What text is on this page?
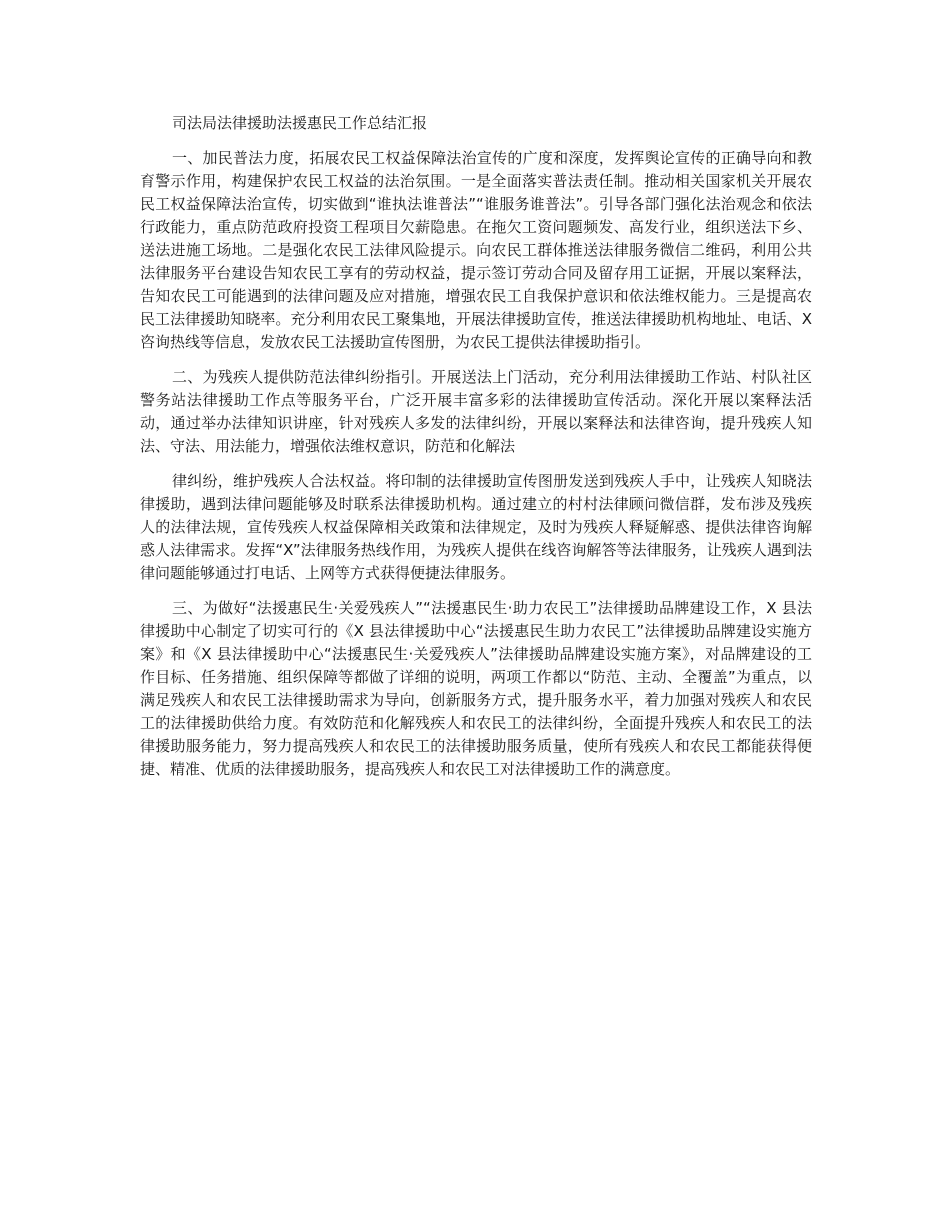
司法局法律援助法援惠民工作总结汇报

一、加民普法力度，拓展农民工权益保障法治宣传的广度和深度，发挥舆论宣传的正确导向和教育警示作用，构建保护农民工权益的法治氛围。一是全面落实普法责任制。推动相关国家机关开展农民工权益保障法治宣传，切实做到“谁执法谁普法”“谁服务谁普法”。引导各部门强化法治观念和依法行政能力，重点防范政府投资工程项目欠薪隐患。在拖欠工资问题频发、高发行业，组织送法下乡、送法进施工场地。二是强化农民工法律风险提示。向农民工群体推送法律服务微信二维码，利用公共法律服务平台建设告知农民工享有的劳动权益，提示签订劳动合同及留存用工证据，开展以案释法，告知农民工可能遇到的法律问题及应对措施，增强农民工自我保护意识和依法维权能力。三是提高农民工法律援助知晓率。充分利用农民工聚集地，开展法律援助宣传，推送法律援助机构地址、电话、X 咨询热线等信息，发放农民工法援助宣传图册，为农民工提供法律援助指引。

二、为残疾人提供防范法律纠纷指引。开展送法上门活动，充分利用法律援助工作站、村队社区警务站法律援助工作点等服务平台，广泛开展丰富多彩的法律援助宣传活动。深化开展以案释法活动，通过举办法律知识讲座，针对残疾人多发的法律纠纷，开展以案释法和法律咨询，提升残疾人知法、守法、用法能力，增强依法维权意识，防范和化解法

律纠纷，维护残疾人合法权益。将印制的法律援助宣传图册发送到残疾人手中，让残疾人知晓法律援助，遇到法律问题能够及时联系法律援助机构。通过建立的村村法律顾问微信群，发布涉及残疾人的法律法规，宣传残疾人权益保障相关政策和法律规定，及时为残疾人释疑解惑、提供法律咨询解惑人法律需求。发挥“X”法律服务热线作用，为残疾人提供在线咨询解答等法律服务，让残疾人遇到法律问题能够通过打电话、上网等方式获得便捷法律服务。

三、为做好“法援惠民生·关爱残疾人”“法援惠民生·助力农民工”法律援助品牌建设工作，X 县法律援助中心制定了切实可行的《X 县法律援助中心“法援惠民生助力农民工”法律援助品牌建设实施方案》和《X 县法律援助中心“法援惠民生·关爱残疾人”法律援助品牌建设实施方案》，对品牌建设的工作目标、任务措施、组织保障等都做了详细的说明，两项工作都以“防范、主动、全覆盖”为重点，以满足残疾人和农民工法律援助需求为导向，创新服务方式，提升服务水平，着力加强对残疾人和农民工的法律援助供给力度。有效防范和化解残疾人和农民工的法律纠纷，全面提升残疾人和农民工的法律援助服务能力，努力提高残疾人和农民工的法律援助服务质量，使所有残疾人和农民工都能获得便捷、精准、优质的法律援助服务，提高残疾人和农民工对法律援助工作的满意度。
